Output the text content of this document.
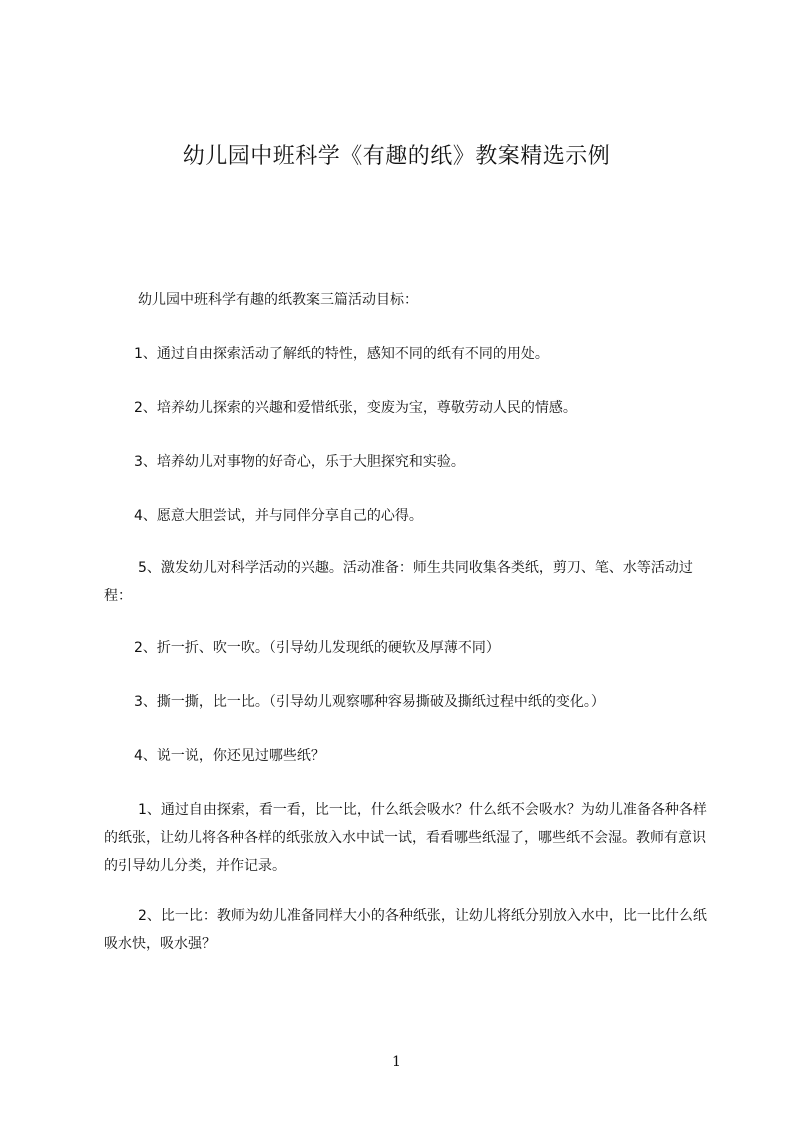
幼儿园中班科学《有趣的纸》教案精选示例

幼儿园中班科学有趣的纸教案三篇活动目标：

1、通过自由探索活动了解纸的特性，感知不同的纸有不同的用处。

2、培养幼儿探索的兴趣和爱惜纸张，变废为宝，尊敬劳动人民的情感。

3、培养幼儿对事物的好奇心，乐于大胆探究和实验。

4、愿意大胆尝试，并与同伴分享自己的心得。

5、激发幼儿对科学活动的兴趣。活动准备：师生共同收集各类纸，剪刀、笔、水等活动过程：

2、折一折、吹一吹。（引导幼儿发现纸的硬软及厚薄不同）

3、撕一撕，比一比。（引导幼儿观察哪种容易撕破及撕纸过程中纸的变化。）

4、说一说，你还见过哪些纸？

1、通过自由探索，看一看，比一比，什么纸会吸水？什么纸不会吸水？为幼儿准备各种各样的纸张，让幼儿将各种各样的纸张放入水中试一试，看看哪些纸湿了，哪些纸不会湿。教师有意识的引导幼儿分类，并作记录。

2、比一比：教师为幼儿准备同样大小的各种纸张，让幼儿将纸分别放入水中，比一比什么纸吸水快，吸水强？

1
